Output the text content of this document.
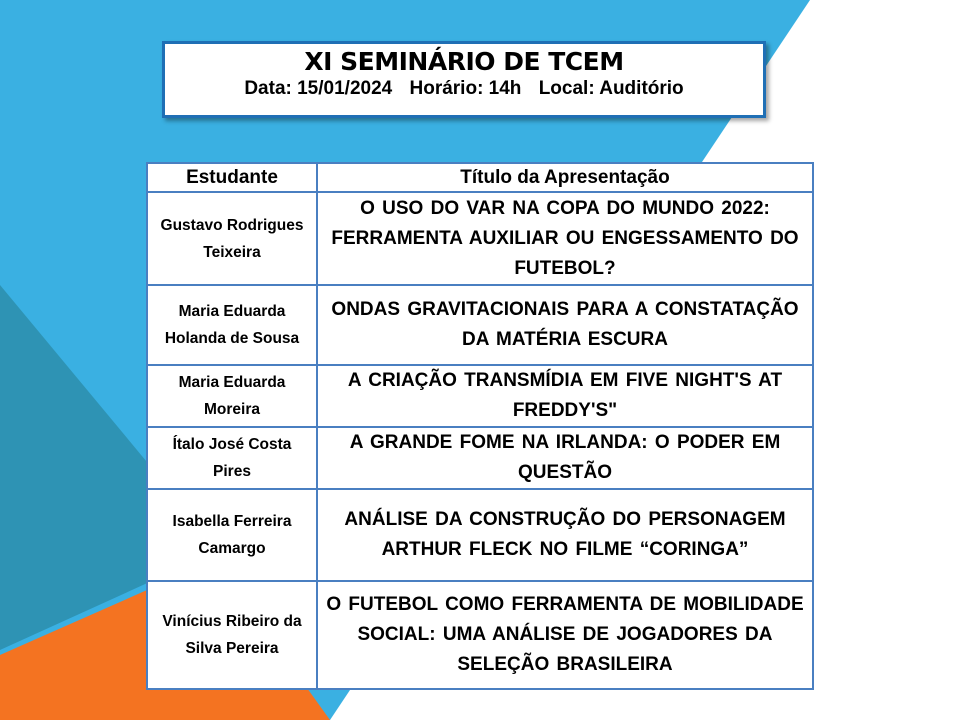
XI SEMINÁRIO DE TCEM
Data: 15/01/2024 Horário: 14h Local: Auditório
Estudante	Título da Apresentação
Gustavo Rodrigues Teixeira	O USO DO VAR NA COPA DO MUNDO 2022: FERRAMENTA AUXILIAR OU ENGESSAMENTO DO FUTEBOL?
Maria Eduarda Holanda de Sousa	ONDAS GRAVITACIONAIS PARA A CONSTATAÇÃO DA MATÉRIA ESCURA
Maria Eduarda Moreira	A CRIAÇÃO TRANSMÍDIA EM FIVE NIGHT'S AT FREDDY'S"
Ítalo José Costa Pires	A GRANDE FOME NA IRLANDA: O PODER EM QUESTÃO
Isabella Ferreira Camargo	ANÁLISE DA CONSTRUÇÃO DO PERSONAGEM ARTHUR FLECK NO FILME “CORINGA”
Vinícius Ribeiro da Silva Pereira	O FUTEBOL COMO FERRAMENTA DE MOBILIDADE SOCIAL: UMA ANÁLISE DE JOGADORES DA SELEÇÃO BRASILEIRA
